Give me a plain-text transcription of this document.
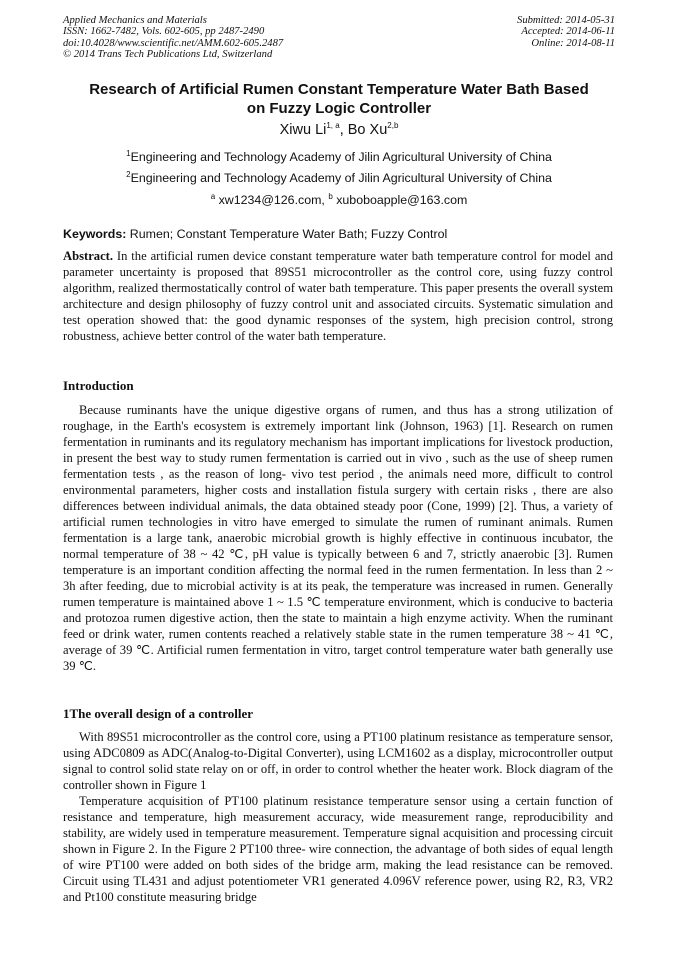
Applied Mechanics and Materials
ISSN: 1662-7482, Vols. 602-605, pp 2487-2490
doi:10.4028/www.scientific.net/AMM.602-605.2487
© 2014 Trans Tech Publications Ltd, Switzerland
Submitted: 2014-05-31
Accepted: 2014-06-11
Online: 2014-08-11
Research of Artificial Rumen Constant Temperature Water Bath Based
on Fuzzy Logic Controller
Xiwu Li$^{1, a}$, Bo Xu$^{2,b}$
$^1$Engineering and Technology Academy of Jilin Agricultural University of China
$^2$Engineering and Technology Academy of Jilin Agricultural University of China
$^a$ xw1234@126.com, $^b$ xuboboapple@163.com
Keywords: Rumen; Constant Temperature Water Bath; Fuzzy Control

Abstract. In the artificial rumen device constant temperature water bath temperature control for model and parameter uncertainty is proposed that 89S51 microcontroller as the control core, using fuzzy control algorithm, realized thermostatically control of water bath temperature. This paper presents the overall system architecture and design philosophy of fuzzy control unit and associated circuits. Systematic simulation and test operation showed that: the good dynamic responses of the system, high precision control, strong robustness, achieve better control of the water bath temperature.

Introduction

Because ruminants have the unique digestive organs of rumen, and thus has a strong utilization of roughage, in the Earth's ecosystem is extremely important link (Johnson, 1963) [1]. Research on rumen fermentation in ruminants and its regulatory mechanism has important implications for livestock production, in present the best way to study rumen fermentation is carried out in vivo , such as the use of sheep rumen fermentation tests , as the reason of long- vivo test period , the animals need more, difficult to control environmental parameters, higher costs and installation fistula surgery with certain risks , there are also differences between individual animals, the data obtained steady poor (Cone, 1999) [2]. Thus, a variety of artificial rumen technologies in vitro have emerged to simulate the rumen of ruminant animals. Rumen fermentation is a large tank, anaerobic microbial growth is highly effective in continuous incubator, the normal temperature of 38 ~ 42 ℃, pH value is typically between 6 and 7, strictly anaerobic [3]. Rumen temperature is an important condition affecting the normal feed in the rumen fermentation. In less than 2 ~ 3h after feeding, due to microbial activity is at its peak, the temperature was increased in rumen. Generally rumen temperature is maintained above 1 ~ 1.5 ℃ temperature environment, which is conducive to bacteria and protozoa rumen digestive action, then the state to maintain a high enzyme activity. When the ruminant feed or drink water, rumen contents reached a relatively stable state in the rumen temperature 38 ~ 41 ℃, average of 39 ℃. Artificial rumen fermentation in vitro, target control temperature water bath generally use 39 ℃.

1The overall design of a controller

With 89S51 microcontroller as the control core, using a PT100 platinum resistance as temperature sensor, using ADC0809 as ADC(Analog-to-Digital Converter), using LCM1602 as a display, microcontroller output signal to control solid state relay on or off, in order to control whether the heater work. Block diagram of the controller shown in Figure 1

Temperature acquisition of PT100 platinum resistance temperature sensor using a certain function of resistance and temperature, high measurement accuracy, wide measurement range, reproducibility and stability, are widely used in temperature measurement. Temperature signal acquisition and processing circuit shown in Figure 2. In the Figure 2 PT100 three- wire connection, the advantage of both sides of equal length of wire PT100 were added on both sides of the bridge arm, making the lead resistance can be removed. Circuit using TL431 and adjust potentiometer VR1 generated 4.096V reference power, using R2, R3, VR2 and Pt100 constitute measuring bridge
